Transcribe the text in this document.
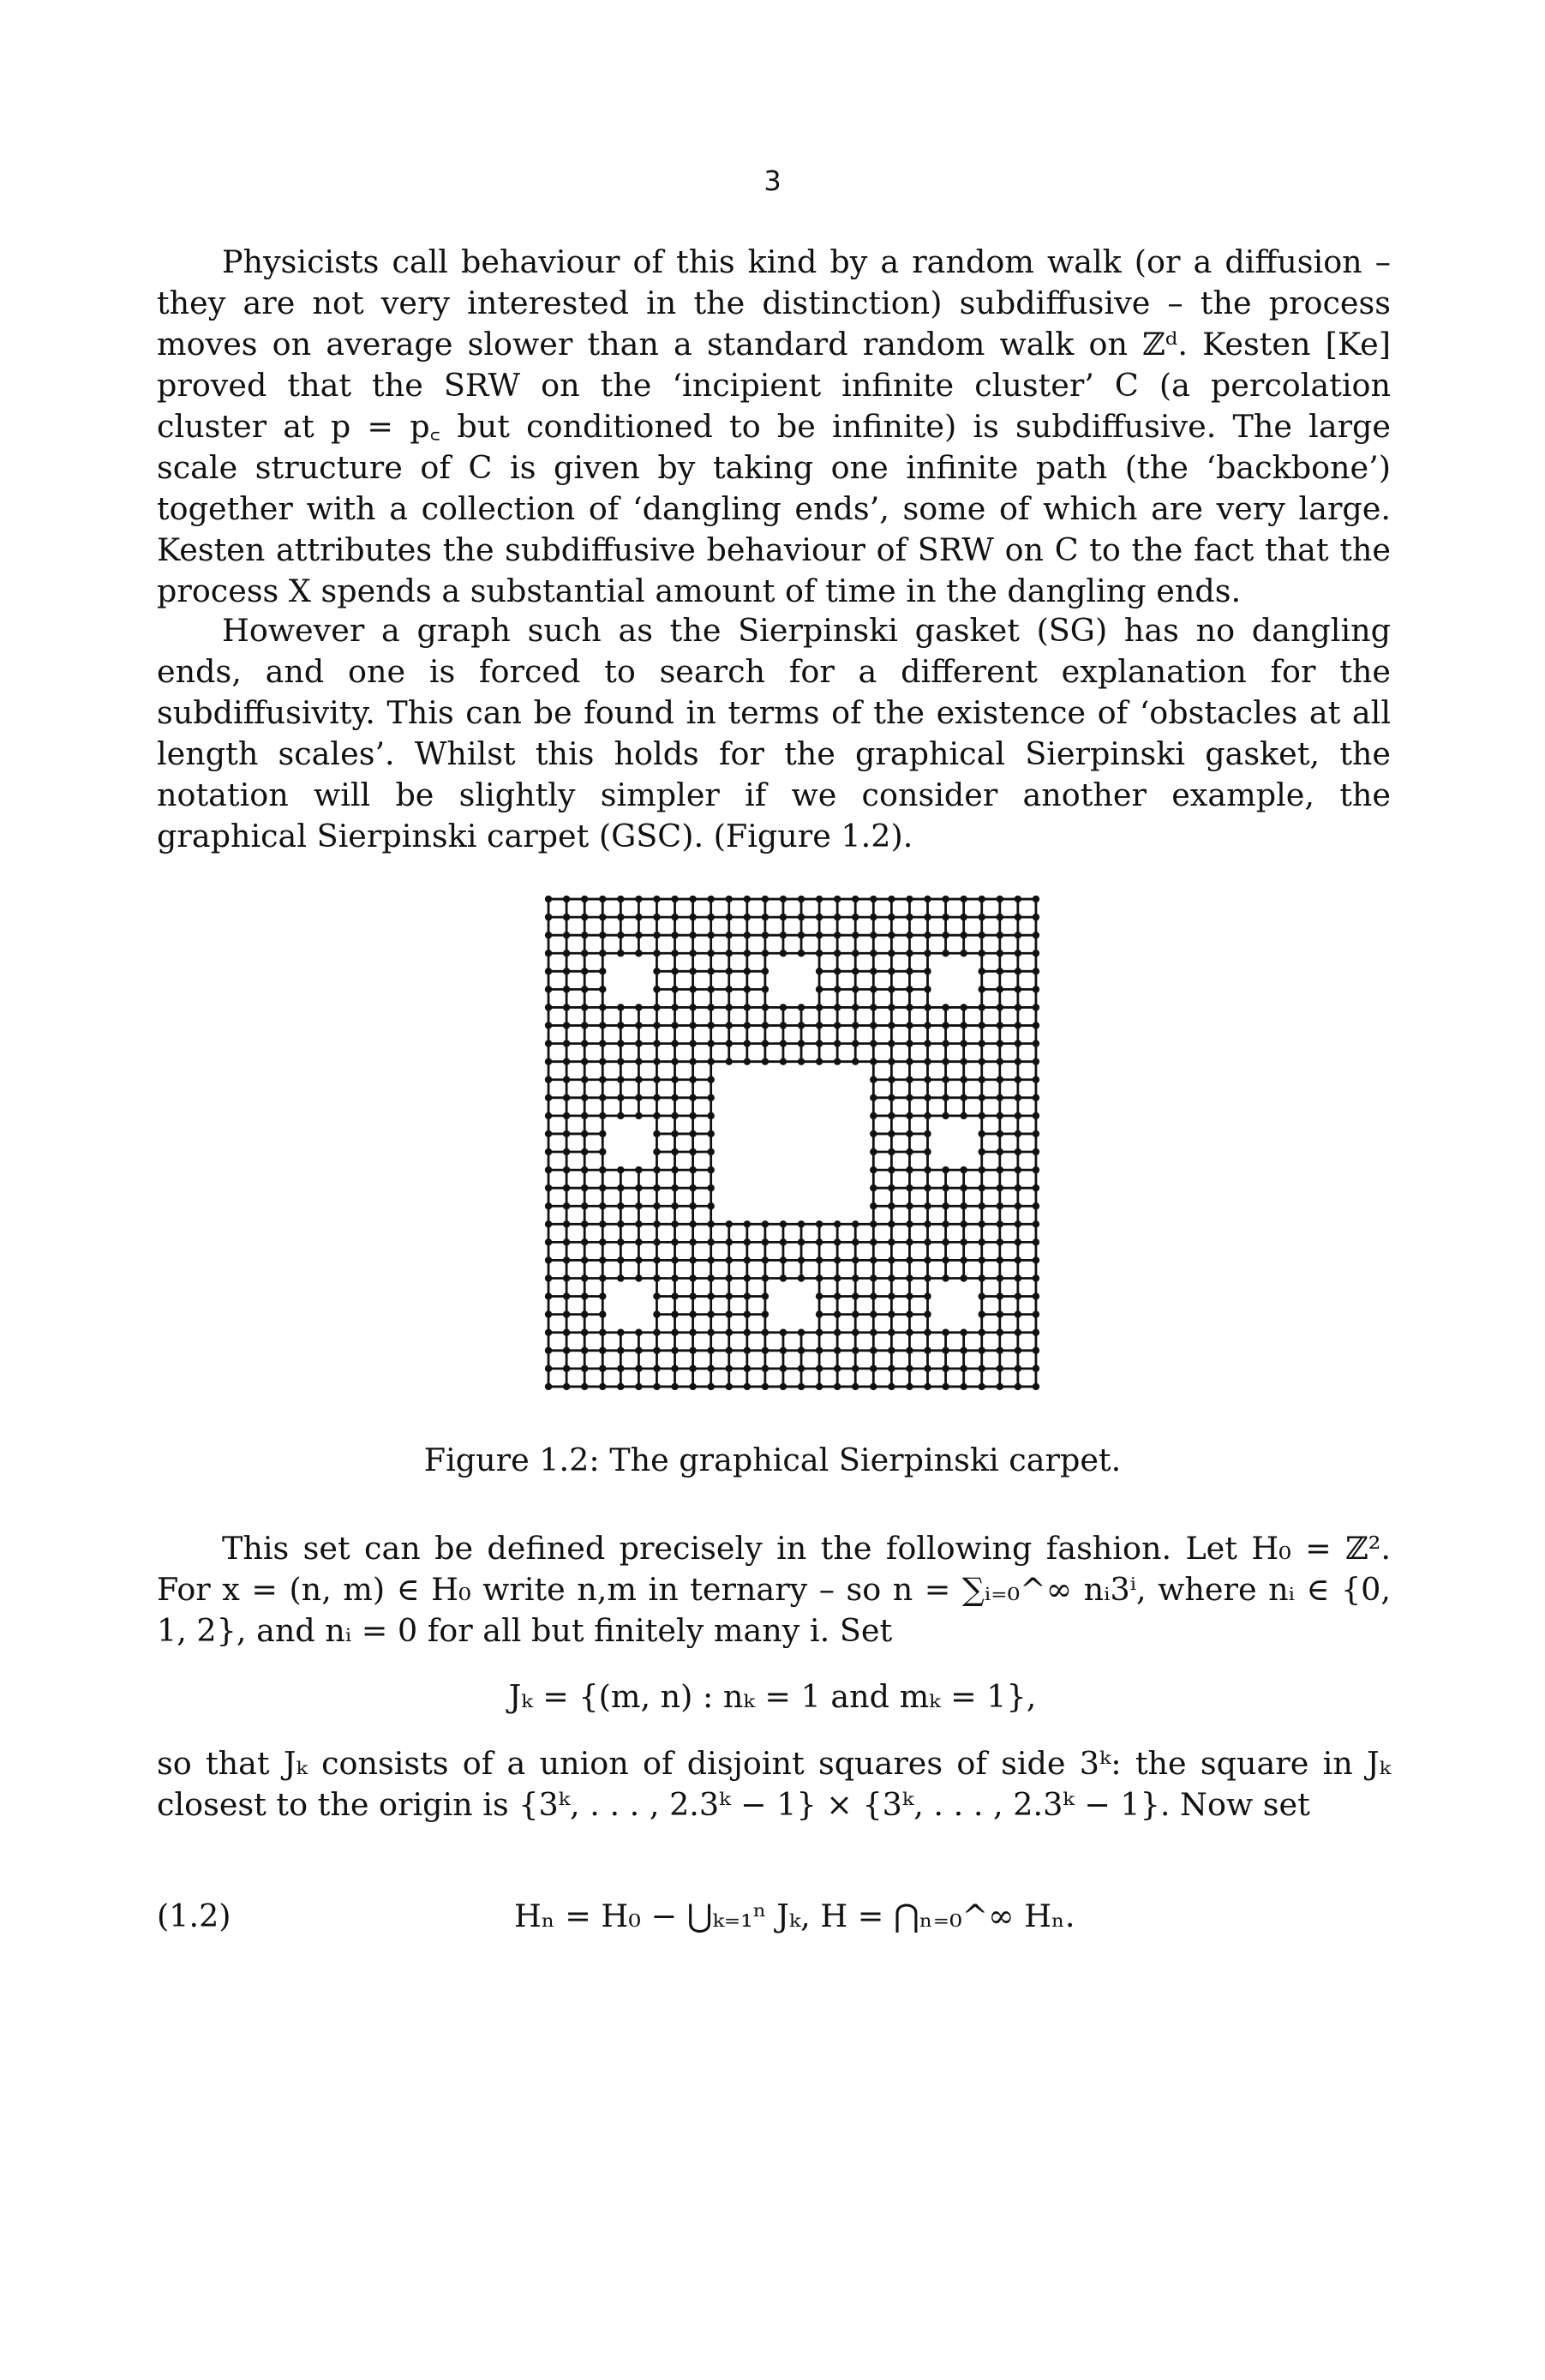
3

Physicists call behaviour of this kind by a random walk (or a diffusion – they are not very interested in the distinction) subdiffusive – the process moves on average slower than a standard random walk on ℤᵈ. Kesten [Ke] proved that the SRW on the ‘incipient infinite cluster’ C (a percolation cluster at p = p꜀ but conditioned to be infinite) is subdiffusive. The large scale structure of C is given by taking one infinite path (the ‘backbone’) together with a collection of ‘dangling ends’, some of which are very large. Kesten attributes the subdiffusive behaviour of SRW on C to the fact that the process X spends a substantial amount of time in the dangling ends.

However a graph such as the Sierpinski gasket (SG) has no dangling ends, and one is forced to search for a different explanation for the subdiffusivity. This can be found in terms of the existence of ‘obstacles at all length scales’. Whilst this holds for the graphical Sierpinski gasket, the notation will be slightly simpler if we consider another example, the graphical Sierpinski carpet (GSC). (Figure 1.2).

Figure 1.2: The graphical Sierpinski carpet.

This set can be defined precisely in the following fashion. Let H₀ = ℤ². For x = (n, m) ∈ H₀ write n,m in ternary – so n = ∑ᵢ₌₀^∞ nᵢ3ⁱ, where nᵢ ∈ {0, 1, 2}, and nᵢ = 0 for all but finitely many i. Set

Jₖ = {(m, n) : nₖ = 1 and mₖ = 1},

so that Jₖ consists of a union of disjoint squares of side 3ᵏ: the square in Jₖ closest to the origin is {3ᵏ, . . . , 2.3ᵏ − 1} × {3ᵏ, . . . , 2.3ᵏ − 1}. Now set

(1.2)	Hₙ = H₀ − ⋃ₖ₌₁ⁿ Jₖ, H = ⋂ₙ₌₀^∞ Hₙ.
